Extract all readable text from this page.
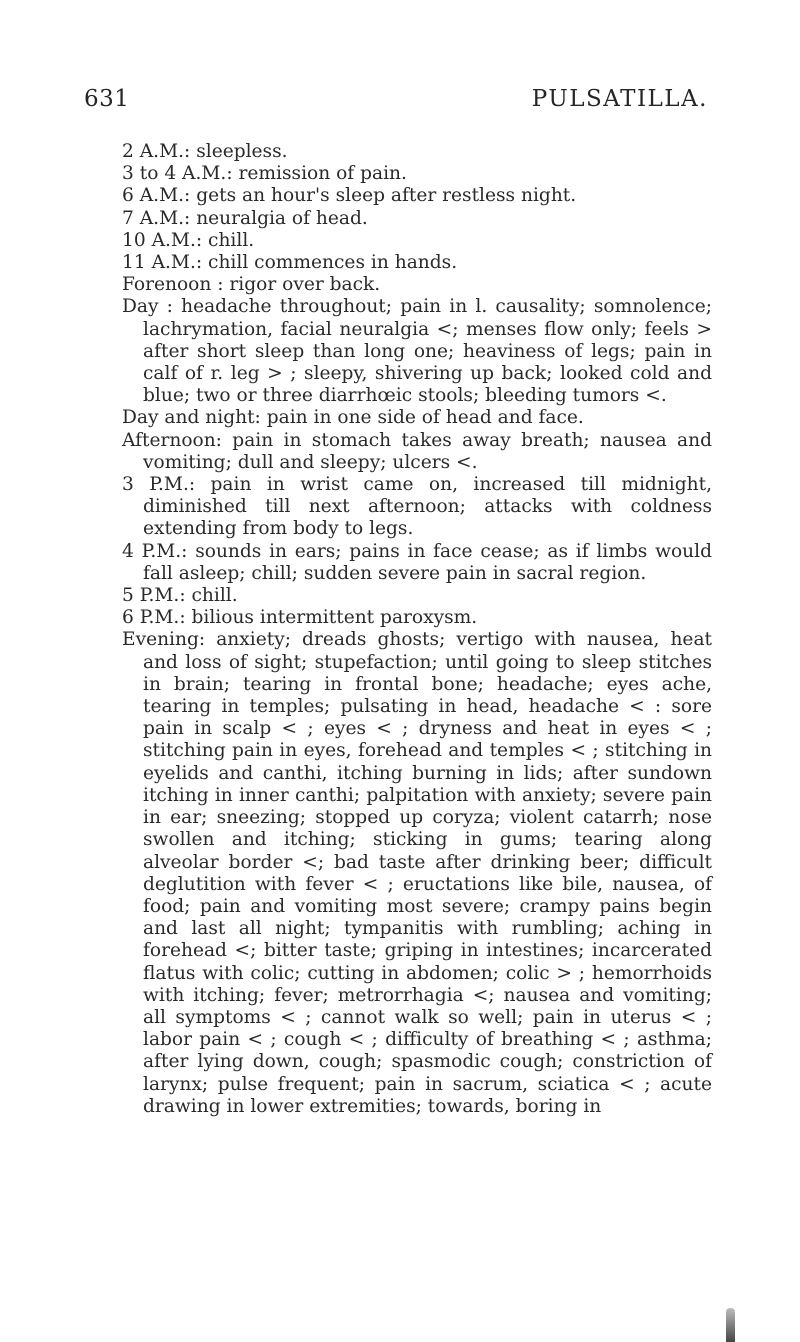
631	PULSATILLA.

2 A.M.: sleepless.

3 to 4 A.M.: remission of pain.

6 A.M.: gets an hour's sleep after restless night.

7 A.M.: neuralgia of head.

10 A.M.: chill.

11 A.M.: chill commences in hands.

Forenoon : rigor over back.

Day : headache throughout; pain in l. causality; somnolence; lachrymation, facial neuralgia <; menses flow only; feels > after short sleep than long one; heaviness of legs; pain in calf of r. leg > ; sleepy, shivering up back; looked cold and blue; two or three diarrhœic stools; bleeding tumors <.

Day and night: pain in one side of head and face.

Afternoon: pain in stomach takes away breath; nausea and vomiting; dull and sleepy; ulcers <.

3 P.M.: pain in wrist came on, increased till midnight, diminished till next afternoon; attacks with coldness extending from body to legs.

4 P.M.: sounds in ears; pains in face cease; as if limbs would fall asleep; chill; sudden severe pain in sacral region.

5 P.M.: chill.

6 P.M.: bilious intermittent paroxysm.

Evening: anxiety; dreads ghosts; vertigo with nausea, heat and loss of sight; stupefaction; until going to sleep stitches in brain; tearing in frontal bone; headache; eyes ache, tearing in temples; pulsating in head, headache < : sore pain in scalp < ; eyes < ; dryness and heat in eyes < ; stitching pain in eyes, forehead and temples < ; stitching in eyelids and canthi, itching burning in lids; after sundown itching in inner canthi; palpitation with anxiety; severe pain in ear; sneezing; stopped up coryza; violent catarrh; nose swollen and itching; sticking in gums; tearing along alveolar border <; bad taste after drinking beer; difficult deglutition with fever < ; eructations like bile, nausea, of food; pain and vomiting most severe; crampy pains begin and last all night; tympanitis with rumbling; aching in forehead <; bitter taste; griping in intestines; incarcerated flatus with colic; cutting in abdomen; colic > ; hemorrhoids with itching; fever; metrorrhagia <; nausea and vomiting; all symptoms < ; cannot walk so well; pain in uterus < ; labor pain < ; cough < ; difficulty of breathing < ; asthma; after lying down, cough; spasmodic cough; constriction of larynx; pulse frequent; pain in sacrum, sciatica < ; acute drawing in lower extremities; towards, boring in
